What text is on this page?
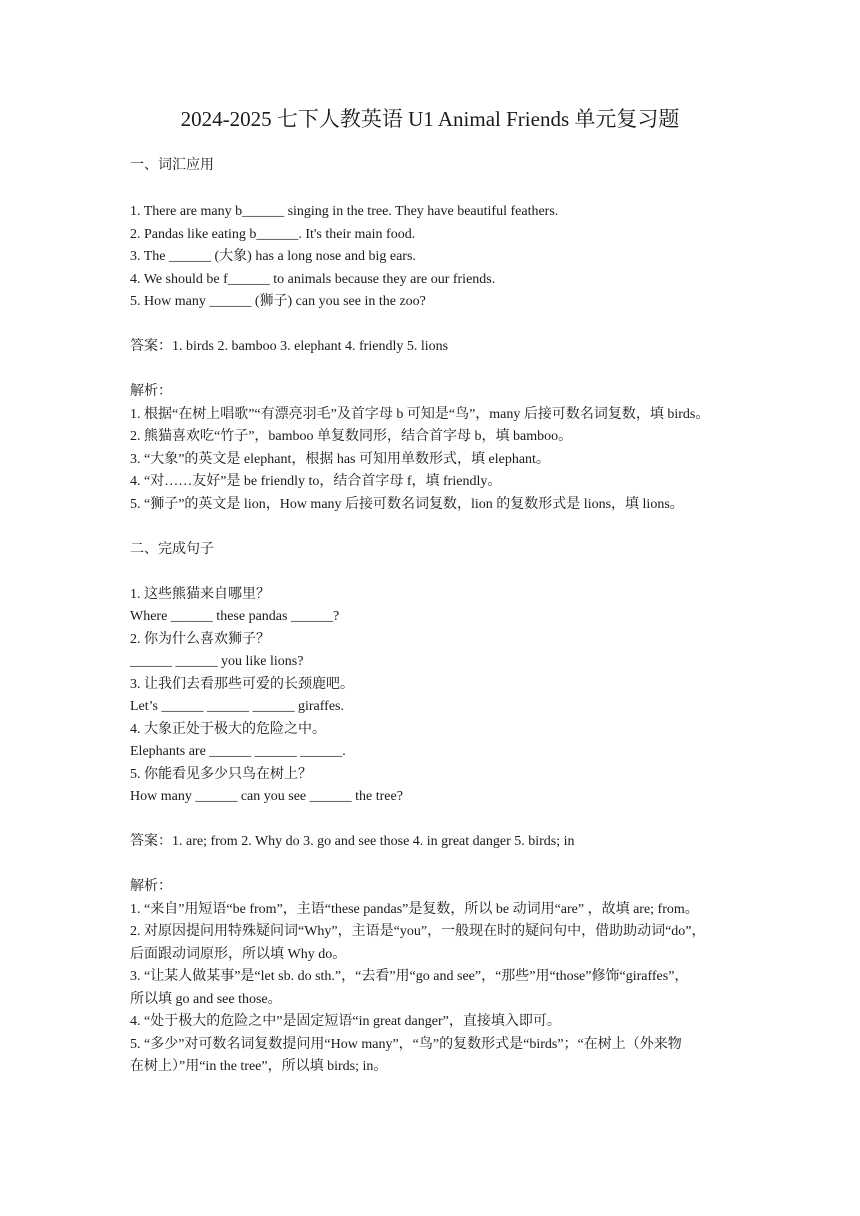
2024-2025 七下人教英语 U1 Animal Friends 单元复习题
一、词汇应用
1. There are many b______ singing in the tree. They have beautiful feathers.
2. Pandas like eating b______. It's their main food.
3. The ______ (大象) has a long nose and big ears.
4. We should be f______ to animals because they are our friends.
5. How many ______ (狮子) can you see in the zoo?
答案：1. birds 2. bamboo 3. elephant 4. friendly 5. lions
解析：
1. 根据“在树上唱歌”“有漂亮羽毛”及首字母 b 可知是“鸟”，many 后接可数名词复数，填 birds。
2. 熊猫喜欢吃“竹子”，bamboo 单复数同形，结合首字母 b，填 bamboo。
3. “大象”的英文是 elephant，根据 has 可知用单数形式，填 elephant。
4. “对……友好”是 be friendly to，结合首字母 f，填 friendly。
5. “狮子”的英文是 lion，How many 后接可数名词复数，lion 的复数形式是 lions，填 lions。
二、完成句子
1. 这些熊猫来自哪里？
Where ______ these pandas ______?
2. 你为什么喜欢狮子？
______ ______ you like lions?
3. 让我们去看那些可爱的长颈鹿吧。
Let’s ______ ______ ______ giraffes.
4. 大象正处于极大的危险之中。
Elephants are ______ ______ ______.
5. 你能看见多少只鸟在树上？
How many ______ can you see ______ the tree?
答案：1. are; from 2. Why do 3. go and see those 4. in great danger 5. birds; in
解析：
1. “来自”用短语“be from”，主语“these pandas”是复数，所以 be 动词用“are” ，故填 are; from。
2. 对原因提问用特殊疑问词“Why”，主语是“you”，一般现在时的疑问句中，借助助动词“do”，
后面跟动词原形，所以填 Why do。
3. “让某人做某事”是“let sb. do sth.”，“去看”用“go and see”，“那些”用“those”修饰“giraffes”，
所以填 go and see those。
4. “处于极大的危险之中”是固定短语“in great danger”，直接填入即可。
5. “多少”对可数名词复数提问用“How many”，“鸟”的复数形式是“birds”；“在树上（外来物
在树上）”用“in the tree”，所以填 birds; in。
